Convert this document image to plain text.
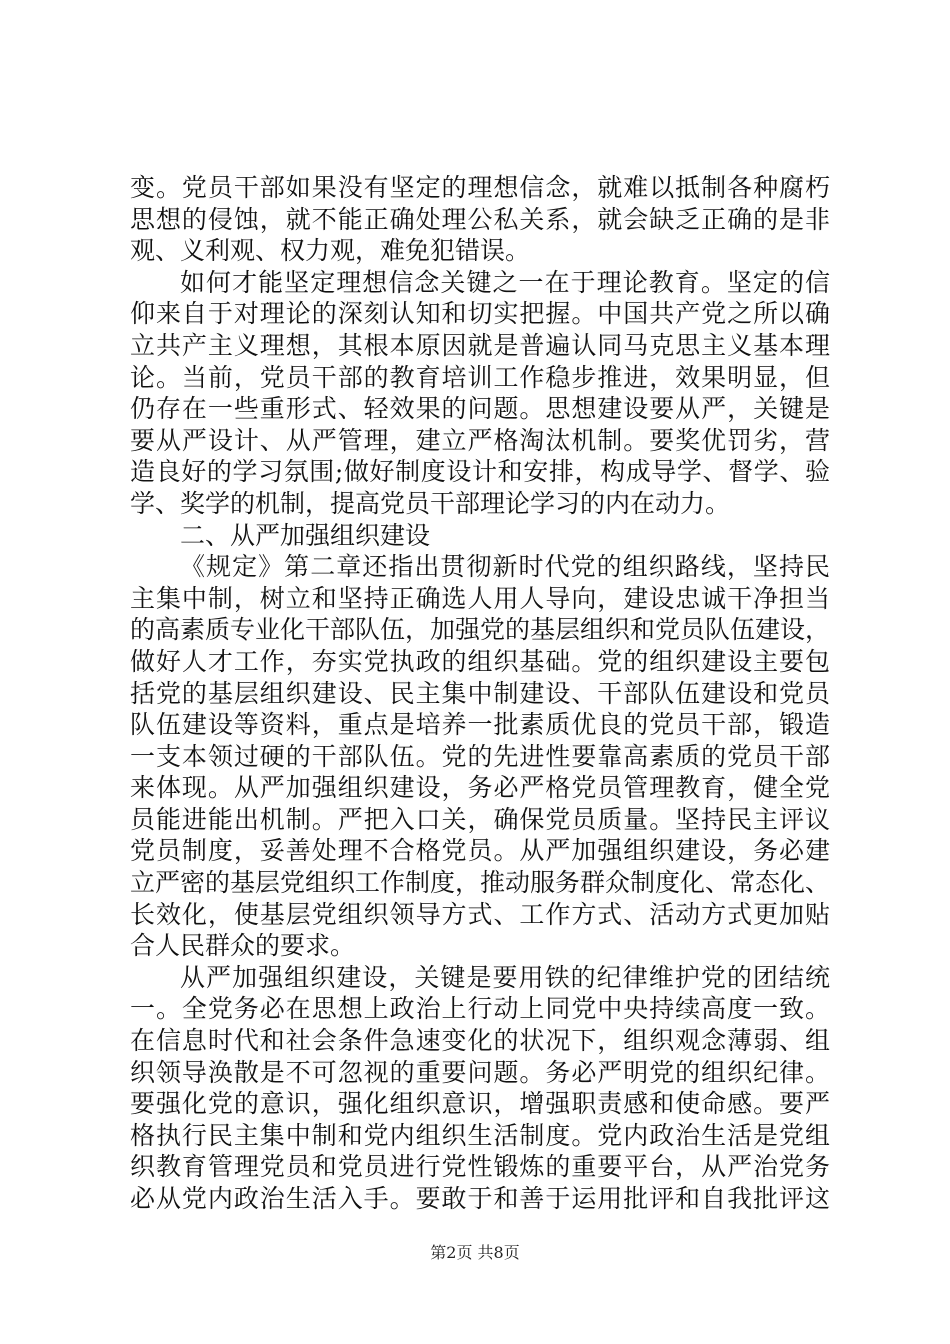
变。党员干部如果没有坚定的理想信念，就难以抵制各种腐朽
思想的侵蚀，就不能正确处理公私关系，就会缺乏正确的是非
观、义利观、权力观，难免犯错误。
如何才能坚定理想信念关键之一在于理论教育。坚定的信
仰来自于对理论的深刻认知和切实把握。中国共产党之所以确
立共产主义理想，其根本原因就是普遍认同马克思主义基本理
论。当前，党员干部的教育培训工作稳步推进，效果明显，但
仍存在一些重形式、轻效果的问题。思想建设要从严，关键是
要从严设计、从严管理，建立严格淘汰机制。要奖优罚劣，营
造良好的学习氛围;做好制度设计和安排，构成导学、督学、验
学、奖学的机制，提高党员干部理论学习的内在动力。
二、从严加强组织建设
《规定》第二章还指出贯彻新时代党的组织路线，坚持民
主集中制，树立和坚持正确选人用人导向，建设忠诚干净担当
的高素质专业化干部队伍，加强党的基层组织和党员队伍建设，
做好人才工作，夯实党执政的组织基础。党的组织建设主要包
括党的基层组织建设、民主集中制建设、干部队伍建设和党员
队伍建设等资料，重点是培养一批素质优良的党员干部，锻造
一支本领过硬的干部队伍。党的先进性要靠高素质的党员干部
来体现。从严加强组织建设，务必严格党员管理教育，健全党
员能进能出机制。严把入口关，确保党员质量。坚持民主评议
党员制度，妥善处理不合格党员。从严加强组织建设，务必建
立严密的基层党组织工作制度，推动服务群众制度化、常态化、
长效化，使基层党组织领导方式、工作方式、活动方式更加贴
合人民群众的要求。
从严加强组织建设，关键是要用铁的纪律维护党的团结统
一。全党务必在思想上政治上行动上同党中央持续高度一致。
在信息时代和社会条件急速变化的状况下，组织观念薄弱、组
织领导涣散是不可忽视的重要问题。务必严明党的组织纪律。
要强化党的意识，强化组织意识，增强职责感和使命感。要严
格执行民主集中制和党内组织生活制度。党内政治生活是党组
织教育管理党员和党员进行党性锻炼的重要平台，从严治党务
必从党内政治生活入手。要敢于和善于运用批评和自我批评这
第2页 共8页
